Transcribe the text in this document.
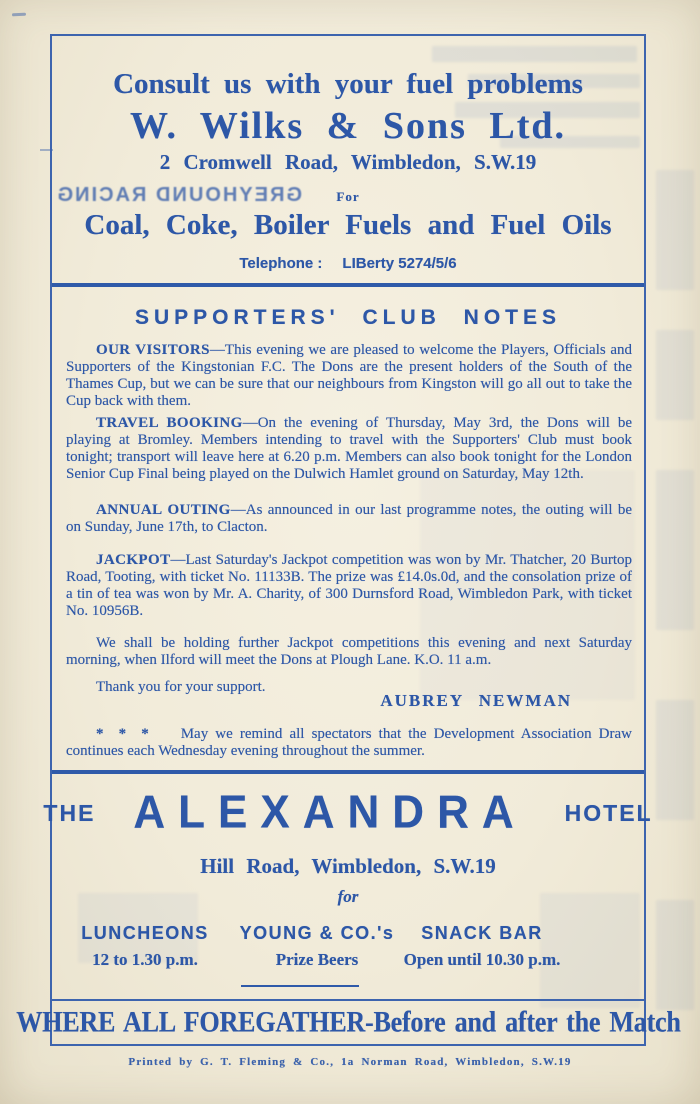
GREYHOUND RACING
Consult us with your fuel problems
W. Wilks & Sons Ltd.
2 Cromwell Road, Wimbledon, S.W.19
For
Coal, Coke, Boiler Fuels and Fuel Oils
Telephone : LIBerty 5274/5/6
SUPPORTERS' CLUB NOTES

OUR VISITORS—This evening we are pleased to welcome the Players, Officials and Supporters of the Kingstonian F.C. The Dons are the present holders of the South of the Thames Cup, but we can be sure that our neighbours from Kingston will go all out to take the Cup back with them.

TRAVEL BOOKING—On the evening of Thursday, May 3rd, the Dons will be playing at Bromley. Members intending to travel with the Supporters' Club must book tonight; transport will leave here at 6.20 p.m. Members can also book tonight for the London Senior Cup Final being played on the Dulwich Hamlet ground on Saturday, May 12th.

ANNUAL OUTING—As announced in our last programme notes, the outing will be on Sunday, June 17th, to Clacton.

JACKPOT—Last Saturday's Jackpot competition was won by Mr. Thatcher, 20 Burtop Road, Tooting, with ticket No. 11133B. The prize was £14.0s.0d, and the consolation prize of a tin of tea was won by Mr. A. Charity, of 300 Durnsford Road, Wimbledon Park, with ticket No. 10956B.

We shall be holding further Jackpot competitions this evening and next Saturday morning, when Ilford will meet the Dons at Plough Lane. K.O. 11 a.m.

Thank you for your support.

AUBREY NEWMAN

* * * May we remind all spectators that the Development Association Draw continues each Wednesday evening throughout the summer.

THE ALEXANDRA HOTEL
Hill Road, Wimbledon, S.W.19
for
LUNCHEONS
12 to 1.30 p.m.
YOUNG & CO.'s
Prize Beers
SNACK BAR
Open until 10.30 p.m.
WHERE ALL FOREGATHER-Before and after the Match
Printed by G. T. Fleming & Co., 1a Norman Road, Wimbledon, S.W.19
